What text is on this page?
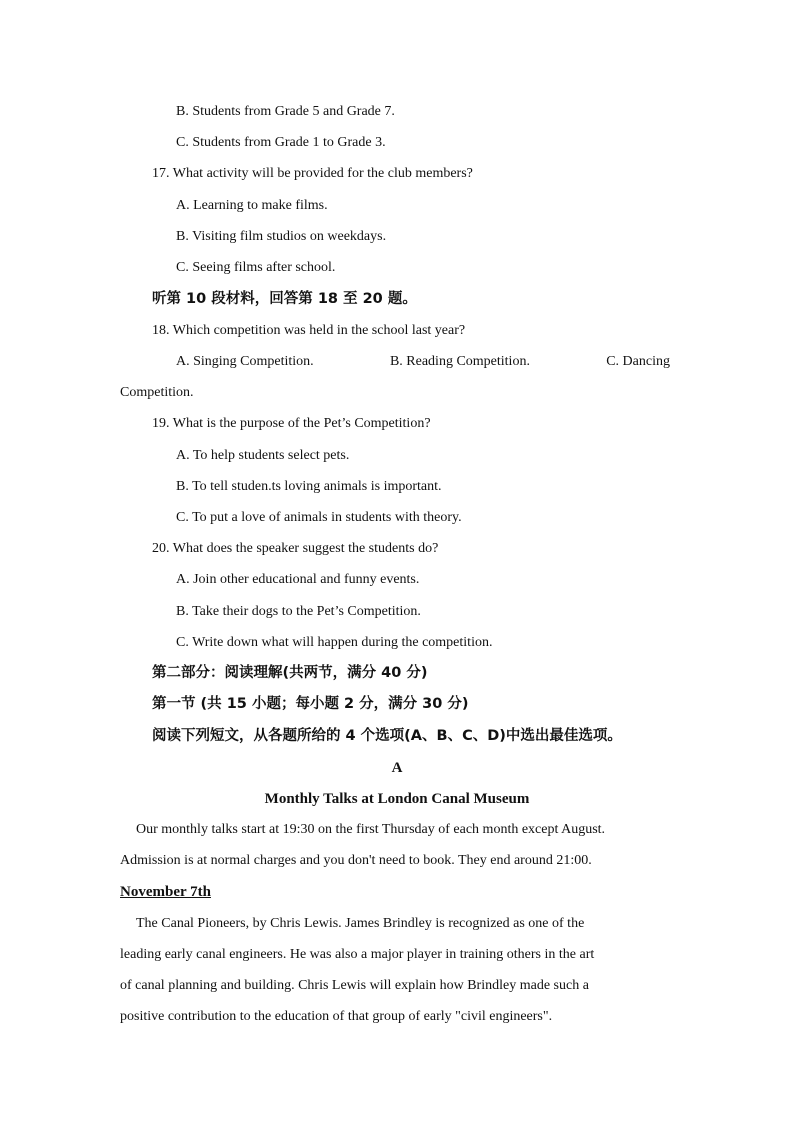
B. Students from Grade 5 and Grade 7.
C. Students from Grade 1 to Grade 3.
17. What activity will be provided for the club members?
A. Learning to make films.
B. Visiting film studios on weekdays.
C. Seeing films after school.
听第 10 段材料，回答第 18 至 20 题。
18. Which competition was held in the school last year?
A. Singing Competition.	B. Reading Competition.	C. Dancing
Competition.
19. What is the purpose of the Pet’s Competition?
A. To help students select pets.
B. To tell studen.ts loving animals is important.
C. To put a love of animals in students with theory.
20. What does the speaker suggest the students do?
A. Join other educational and funny events.
B. Take their dogs to the Pet’s Competition.
C. Write down what will happen during the competition.
第二部分：阅读理解(共两节，满分 40 分)
第一节 (共 15 小题；每小题 2 分，满分 30 分)
阅读下列短文，从各题所给的 4 个选项(A、B、C、D)中选出最佳选项。
A
Monthly Talks at London Canal Museum
Our monthly talks start at 19:30 on the first Thursday of each month except August.
Admission is at normal charges and you don't need to book. They end around 21:00.
November 7th
The Canal Pioneers, by Chris Lewis. James Brindley is recognized as one of the
leading early canal engineers. He was also a major player in training others in the art
of canal planning and building. Chris Lewis will explain how Brindley made such a
positive contribution to the education of that group of early "civil engineers".
